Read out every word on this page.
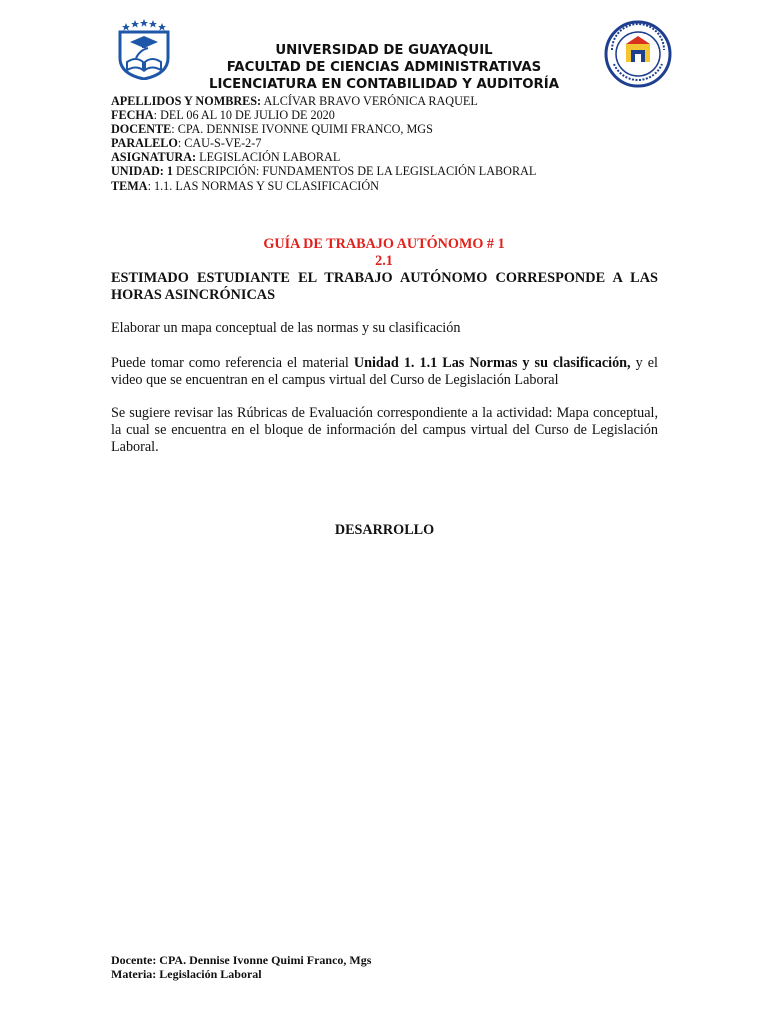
UNIVERSIDAD DE GUAYAQUIL
FACULTAD DE CIENCIAS ADMINISTRATIVAS
LICENCIATURA EN CONTABILIDAD Y AUDITORÍA
APELLIDOS Y NOMBRES: ALCÍVAR BRAVO VERÓNICA RAQUEL
FECHA: DEL 06 AL 10 DE JULIO DE 2020
DOCENTE: CPA. DENNISE IVONNE QUIMI FRANCO, MGS
PARALELO: CAU-S-VE-2-7
ASIGNATURA: LEGISLACIÓN LABORAL
UNIDAD: 1 DESCRIPCIÓN: FUNDAMENTOS DE LA LEGISLACIÓN LABORAL
TEMA: 1.1. LAS NORMAS Y SU CLASIFICACIÓN
GUÍA DE TRABAJO AUTÓNOMO # 1
2.1
ESTIMADO ESTUDIANTE EL TRABAJO AUTÓNOMO CORRESPONDE A LAS HORAS ASINCRÓNICAS
Elaborar un mapa conceptual de las normas y su clasificación
Puede tomar como referencia el material Unidad 1. 1.1 Las Normas y su clasificación, y el video que se encuentran en el campus virtual del Curso de Legislación Laboral
Se sugiere revisar las Rúbricas de Evaluación correspondiente a la actividad: Mapa conceptual, la cual se encuentra en el bloque de información del campus virtual del Curso de Legislación Laboral.
DESARROLLO
Docente: CPA. Dennise Ivonne Quimi Franco, Mgs
Materia: Legislación Laboral
